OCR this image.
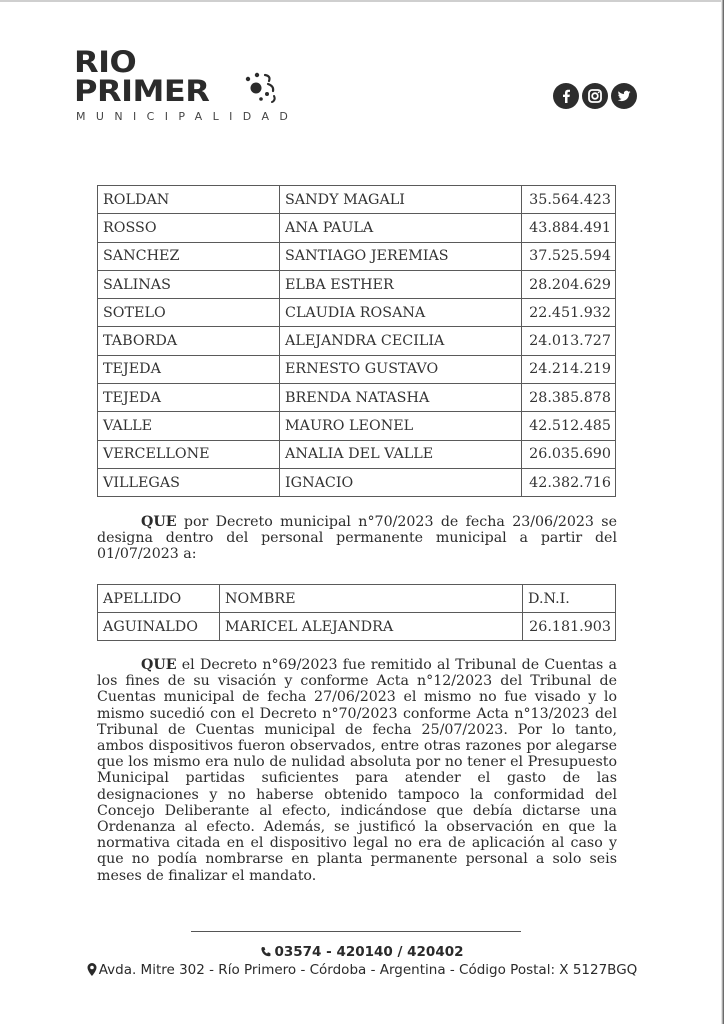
RIO
PRIMER
MUNICIPALIDAD
ROLDAN	SANDY MAGALI	35.564.423
ROSSO	ANA PAULA	43.884.491
SANCHEZ	SANTIAGO JEREMIAS	37.525.594
SALINAS	ELBA ESTHER	28.204.629
SOTELO	CLAUDIA ROSANA	22.451.932
TABORDA	ALEJANDRA CECILIA	24.013.727
TEJEDA	ERNESTO GUSTAVO	24.214.219
TEJEDA	BRENDA NATASHA	28.385.878
VALLE	MAURO LEONEL	42.512.485
VERCELLONE	ANALIA DEL VALLE	26.035.690
VILLEGAS	IGNACIO	42.382.716
QUE por Decreto municipal n°70/2023 de fecha 23/06/2023 se designa dentro del personal permanente municipal a partir del 01/07/2023 a:
APELLIDO	NOMBRE	D.N.I.
AGUINALDO	MARICEL ALEJANDRA	26.181.903
QUE el Decreto n°69/2023 fue remitido al Tribunal de Cuentas a los fines de su visación y conforme Acta n°12/2023 del Tribunal de Cuentas municipal de fecha 27/06/2023 el mismo no fue visado y lo mismo sucedió con el Decreto n°70/2023 conforme Acta n°13/2023 del Tribunal de Cuentas municipal de fecha 25/07/2023. Por lo tanto, ambos dispositivos fueron observados, entre otras razones por alegarse que los mismo era nulo de nulidad absoluta por no tener el Presupuesto Municipal partidas suficientes para atender el gasto de las designaciones y no haberse obtenido tampoco la conformidad del Concejo Deliberante al efecto, indicándose que debía dictarse una Ordenanza al efecto. Además, se justificó la observación en que la normativa citada en el dispositivo legal no era de aplicación al caso y que no podía nombrarse en planta permanente personal a solo seis meses de finalizar el mandato.
03574 - 420140 / 420402
Avda. Mitre 302 - Río Primero - Córdoba - Argentina - Código Postal: X 5127BGQ
